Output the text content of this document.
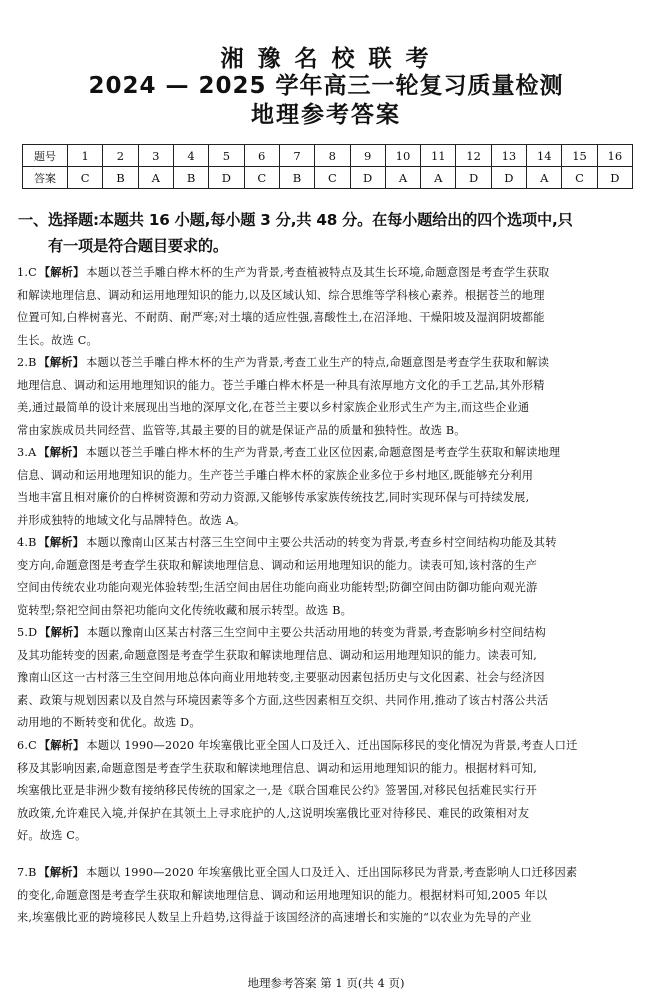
湘 豫 名 校 联 考
2024 — 2025 学年高三一轮复习质量检测
地理参考答案
题号	1	2	3	4	5	6	7	8	9	10	11	12	13	14	15	16
答案	C	B	A	B	D	C	B	C	D	A	A	D	D	A	C	D
一、选择题:本题共 16 小题,每小题 3 分,共 48 分。在每小题给出的四个选项中,只
有一项是符合题目要求的。
1.C 【解析】 本题以苍兰手雕白桦木杯的生产为背景,考查植被特点及其生长环境,命题意图是考查学生获取
和解读地理信息、调动和运用地理知识的能力,以及区域认知、综合思维等学科核心素养。根据苍兰的地理
位置可知,白桦树喜光、不耐荫、耐严寒;对土壤的适应性强,喜酸性土,在沼泽地、干燥阳坡及湿润阴坡都能
生长。故选 C。
2.B 【解析】 本题以苍兰手雕白桦木杯的生产为背景,考查工业生产的特点,命题意图是考查学生获取和解读
地理信息、调动和运用地理知识的能力。苍兰手雕白桦木杯是一种具有浓厚地方文化的手工艺品,其外形精
美,通过最简单的设计来展现出当地的深厚文化,在苍兰主要以乡村家族企业形式生产为主,而这些企业通
常由家族成员共同经营、监管等,其最主要的目的就是保证产品的质量和独特性。故选 B。
3.A 【解析】 本题以苍兰手雕白桦木杯的生产为背景,考查工业区位因素,命题意图是考查学生获取和解读地理
信息、调动和运用地理知识的能力。生产苍兰手雕白桦木杯的家族企业多位于乡村地区,既能够充分利用
当地丰富且相对廉价的白桦树资源和劳动力资源,又能够传承家族传统技艺,同时实现环保与可持续发展,
并形成独特的地域文化与品牌特色。故选 A。
4.B 【解析】 本题以豫南山区某古村落三生空间中主要公共活动的转变为背景,考查乡村空间结构功能及其转
变方向,命题意图是考查学生获取和解读地理信息、调动和运用地理知识的能力。读表可知,该村落的生产
空间由传统农业功能向观光体验转型;生活空间由居住功能向商业功能转型;防御空间由防御功能向观光游
览转型;祭祀空间由祭祀功能向文化传统收藏和展示转型。故选 B。
5.D 【解析】 本题以豫南山区某古村落三生空间中主要公共活动用地的转变为背景,考查影响乡村空间结构
及其功能转变的因素,命题意图是考查学生获取和解读地理信息、调动和运用地理知识的能力。读表可知,
豫南山区这一古村落三生空间用地总体向商业用地转变,主要驱动因素包括历史与文化因素、社会与经济因
素、政策与规划因素以及自然与环境因素等多个方面,这些因素相互交织、共同作用,推动了该古村落公共活
动用地的不断转变和优化。故选 D。
6.C 【解析】 本题以 1990—2020 年埃塞俄比亚全国人口及迁入、迁出国际移民的变化情况为背景,考查人口迁
移及其影响因素,命题意图是考查学生获取和解读地理信息、调动和运用地理知识的能力。根据材料可知,
埃塞俄比亚是非洲少数有接纳移民传统的国家之一,是《联合国难民公约》签署国,对移民包括难民实行开
放政策,允许难民入境,并保护在其领土上寻求庇护的人,这说明埃塞俄比亚对待移民、难民的政策相对友
好。故选 C。
7.B 【解析】 本题以 1990—2020 年埃塞俄比亚全国人口及迁入、迁出国际移民为背景,考查影响人口迁移因素
的变化,命题意图是考查学生获取和解读地理信息、调动和运用地理知识的能力。根据材料可知,2005 年以
来,埃塞俄比亚的跨境移民人数呈上升趋势,这得益于该国经济的高速增长和实施的“以农业为先导的产业
地理参考答案 第 1 页(共 4 页)
